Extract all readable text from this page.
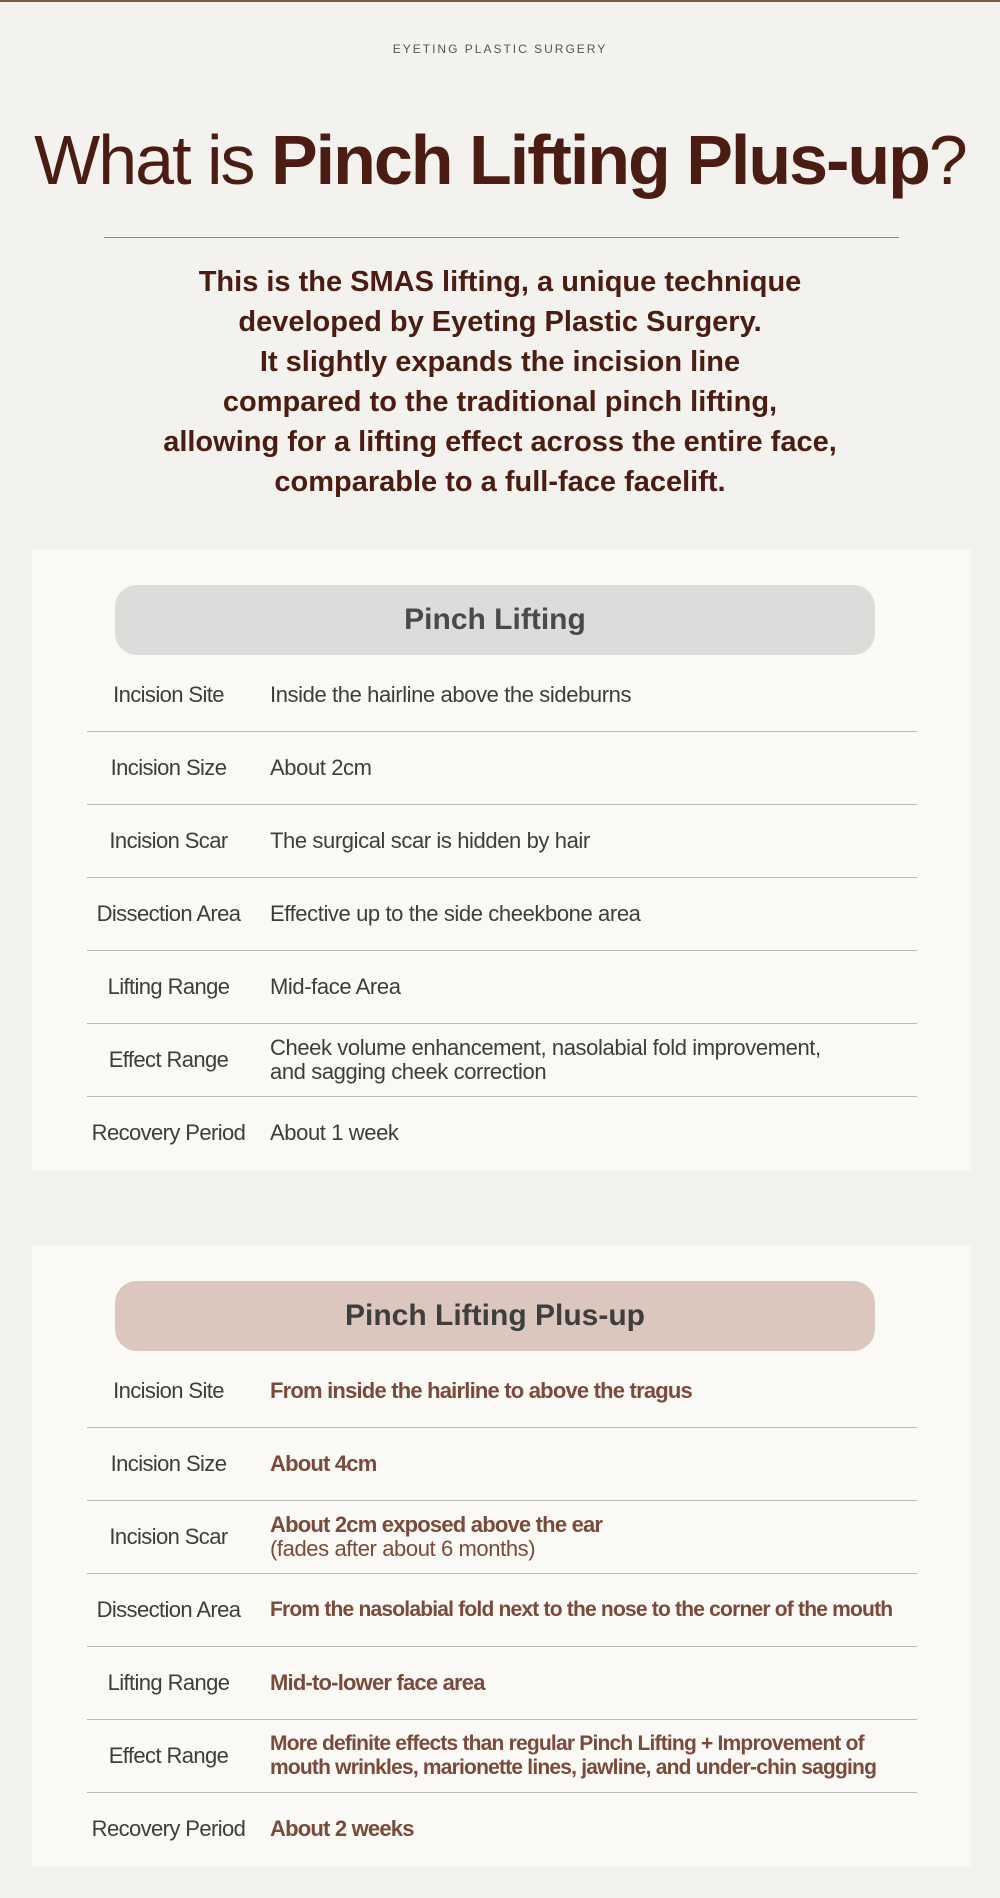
EYETING PLASTIC SURGERY
What is Pinch Lifting Plus-up?
This is the SMAS lifting, a unique technique
developed by Eyeting Plastic Surgery.
It slightly expands the incision line
compared to the traditional pinch lifting,
allowing for a lifting effect across the entire face,
comparable to a full-face facelift.
Pinch Lifting
Incision Site	Inside the hairline above the sideburns
Incision Size	About 2cm
Incision Scar	The surgical scar is hidden by hair
Dissection Area	Effective up to the side cheekbone area
Lifting Range	Mid-face Area
Effect Range	Cheek volume enhancement, nasolabial fold improvement,
and sagging cheek correction
Recovery Period About 1 week
Pinch Lifting Plus-up
Incision Site	From inside the hairline to above the tragus
Incision Size	About 4cm
Incision Scar	About 2cm exposed above the ear
(fades after about 6 months)
Dissection Area	From the nasolabial fold next to the nose to the corner of the mouth
Lifting Range	Mid-to-lower face area
Effect Range	More definite effects than regular Pinch Lifting + Improvement of
mouth wrinkles, marionette lines, jawline, and under-chin sagging
Recovery Period About 2 weeks
